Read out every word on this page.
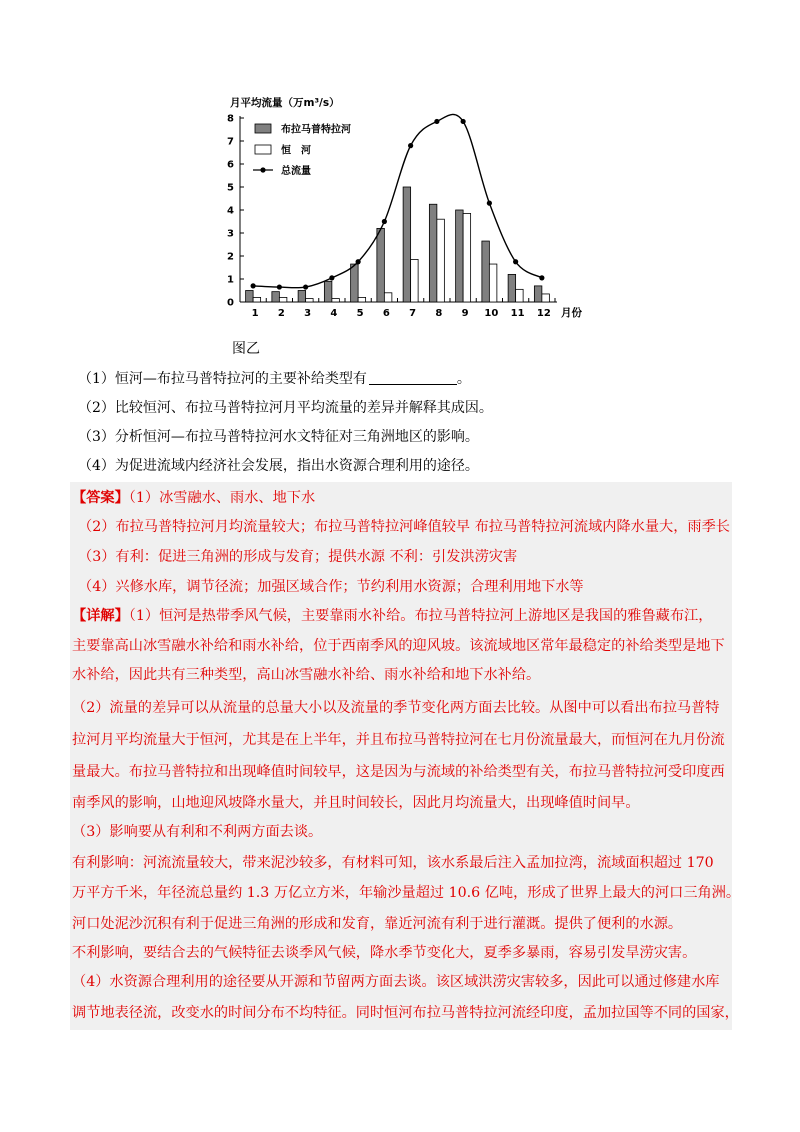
布拉马普特拉河
恒　河
总流量
0
1
2
3
4
5
6
7
8
1 2 3 4 5 6 7 8 9 10 11 12
月平均流量（万m³/s）
月份
图乙
（1）恒河—布拉马普特拉河的主要补给类型有	。
（2）比较恒河、布拉马普特拉河月平均流量的差异并解释其成因。
（3）分析恒河—布拉马普特拉河水文特征对三角洲地区的影响。
（4）为促进流域内经济社会发展，指出水资源合理利用的途径。
【答案】（1）冰雪融水、雨水、地下水
（2）布拉马普特拉河月均流量较大；布拉马普特拉河峰值较早 布拉马普特拉河流域内降水量大，雨季长
（3）有利：促进三角洲的形成与发育；提供水源 不利：引发洪涝灾害
（4）兴修水库，调节径流；加强区域合作；节约利用水资源；合理利用地下水等
【详解】（1）恒河是热带季风气候，主要靠雨水补给。布拉马普特拉河上游地区是我国的雅鲁藏布江，
主要靠高山冰雪融水补给和雨水补给，位于西南季风的迎风坡。该流域地区常年最稳定的补给类型是地下
水补给，因此共有三种类型，高山冰雪融水补给、雨水补给和地下水补给。
（2）流量的差异可以从流量的总量大小以及流量的季节变化两方面去比较。从图中可以看出布拉马普特
拉河月平均流量大于恒河，尤其是在上半年，并且布拉马普特拉河在七月份流量最大，而恒河在九月份流
量最大。布拉马普特拉和出现峰值时间较早，这是因为与流域的补给类型有关，布拉马普特拉河受印度西
南季风的影响，山地迎风坡降水量大，并且时间较长，因此月均流量大，出现峰值时间早。
（3）影响要从有利和不利两方面去谈。
有利影响：河流流量较大，带来泥沙较多，有材料可知，该水系最后注入孟加拉湾，流域面积超过 170
万平方千米，年径流总量约 1.3 万亿立方米，年输沙量超过 10.6 亿吨，形成了世界上最大的河口三角洲。
河口处泥沙沉积有利于促进三角洲的形成和发育，靠近河流有利于进行灌溉。提供了便利的水源。
不利影响，要结合去的气候特征去谈季风气候，降水季节变化大，夏季多暴雨，容易引发旱涝灾害。
（4）水资源合理利用的途径要从开源和节留两方面去谈。该区域洪涝灾害较多，因此可以通过修建水库
调节地表径流，改变水的时间分布不均特征。同时恒河布拉马普特拉河流经印度，孟加拉国等不同的国家，
